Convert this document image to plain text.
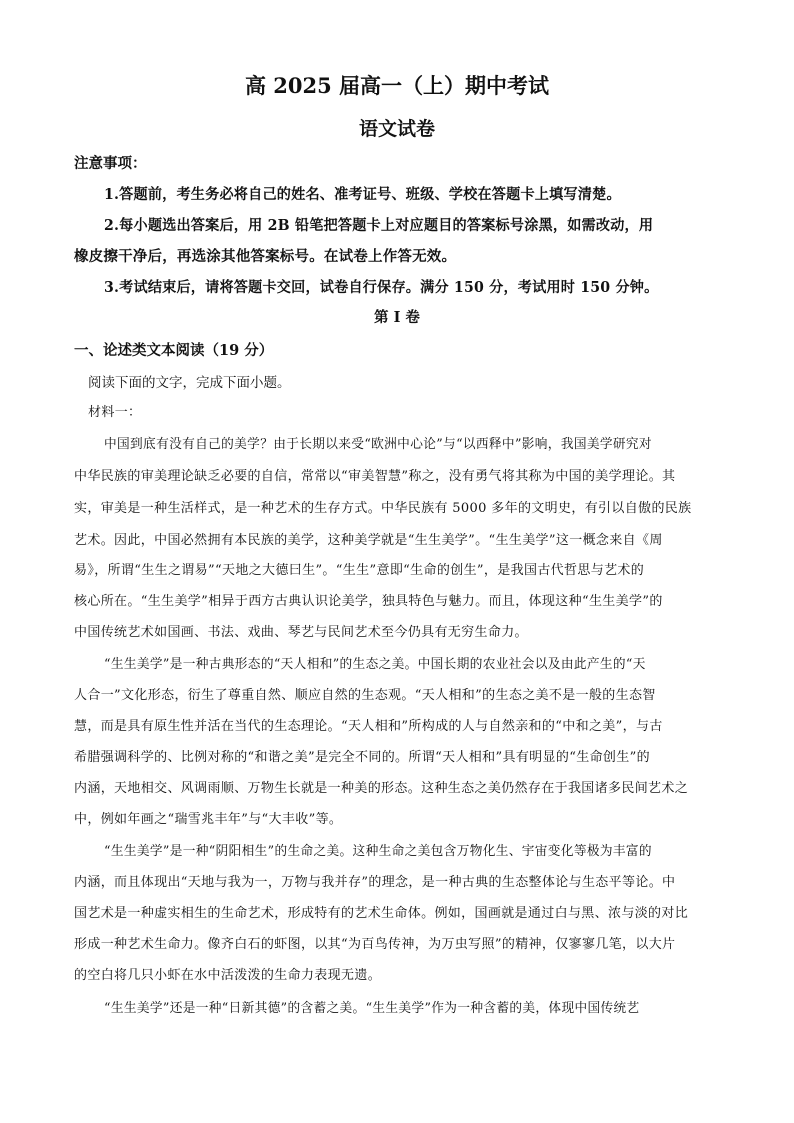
高 2025 届高一（上）期中考试
语文试卷
注意事项：
1.答题前，考生务必将自己的姓名、准考证号、班级、学校在答题卡上填写清楚。
2.每小题选出答案后，用 2B 铅笔把答题卡上对应题目的答案标号涂黑，如需改动，用
橡皮擦干净后，再选涂其他答案标号。在试卷上作答无效。
3.考试结束后，请将答题卡交回，试卷自行保存。满分 150 分，考试用时 150 分钟。
第 I 卷
一、论述类文本阅读（19 分）
阅读下面的文字，完成下面小题。
材料一：
中国到底有没有自己的美学？由于长期以来受“欧洲中心论”与“以西释中”影响，我国美学研究对
中华民族的审美理论缺乏必要的自信，常常以“审美智慧”称之，没有勇气将其称为中国的美学理论。其
实，审美是一种生活样式，是一种艺术的生存方式。中华民族有 5000 多年的文明史，有引以自傲的民族
艺术。因此，中国必然拥有本民族的美学，这种美学就是“生生美学”。“生生美学”这一概念来自《周
易》，所谓“生生之谓易”“天地之大德曰生”。“生生”意即“生命的创生”，是我国古代哲思与艺术的
核心所在。“生生美学”相异于西方古典认识论美学，独具特色与魅力。而且，体现这种“生生美学”的
中国传统艺术如国画、书法、戏曲、琴艺与民间艺术至今仍具有无穷生命力。
“生生美学”是一种古典形态的“天人相和”的生态之美。中国长期的农业社会以及由此产生的“天
人合一”文化形态，衍生了尊重自然、顺应自然的生态观。“天人相和”的生态之美不是一般的生态智
慧，而是具有原生性并活在当代的生态理论。“天人相和”所构成的人与自然亲和的“中和之美”，与古
希腊强调科学的、比例对称的“和谐之美”是完全不同的。所谓“天人相和”具有明显的“生命创生”的
内涵，天地相交、风调雨顺、万物生长就是一种美的形态。这种生态之美仍然存在于我国诸多民间艺术之
中，例如年画之“瑞雪兆丰年”与“大丰收”等。
“生生美学”是一种“阴阳相生”的生命之美。这种生命之美包含万物化生、宇宙变化等极为丰富的
内涵，而且体现出“天地与我为一，万物与我并存”的理念，是一种古典的生态整体论与生态平等论。中
国艺术是一种虚实相生的生命艺术，形成特有的艺术生命体。例如，国画就是通过白与黑、浓与淡的对比
形成一种艺术生命力。像齐白石的虾图，以其“为百鸟传神，为万虫写照”的精神，仅寥寥几笔，以大片
的空白将几只小虾在水中活泼泼的生命力表现无遗。
“生生美学”还是一种“日新其德”的含蓄之美。“生生美学”作为一种含蓄的美，体现中国传统艺
